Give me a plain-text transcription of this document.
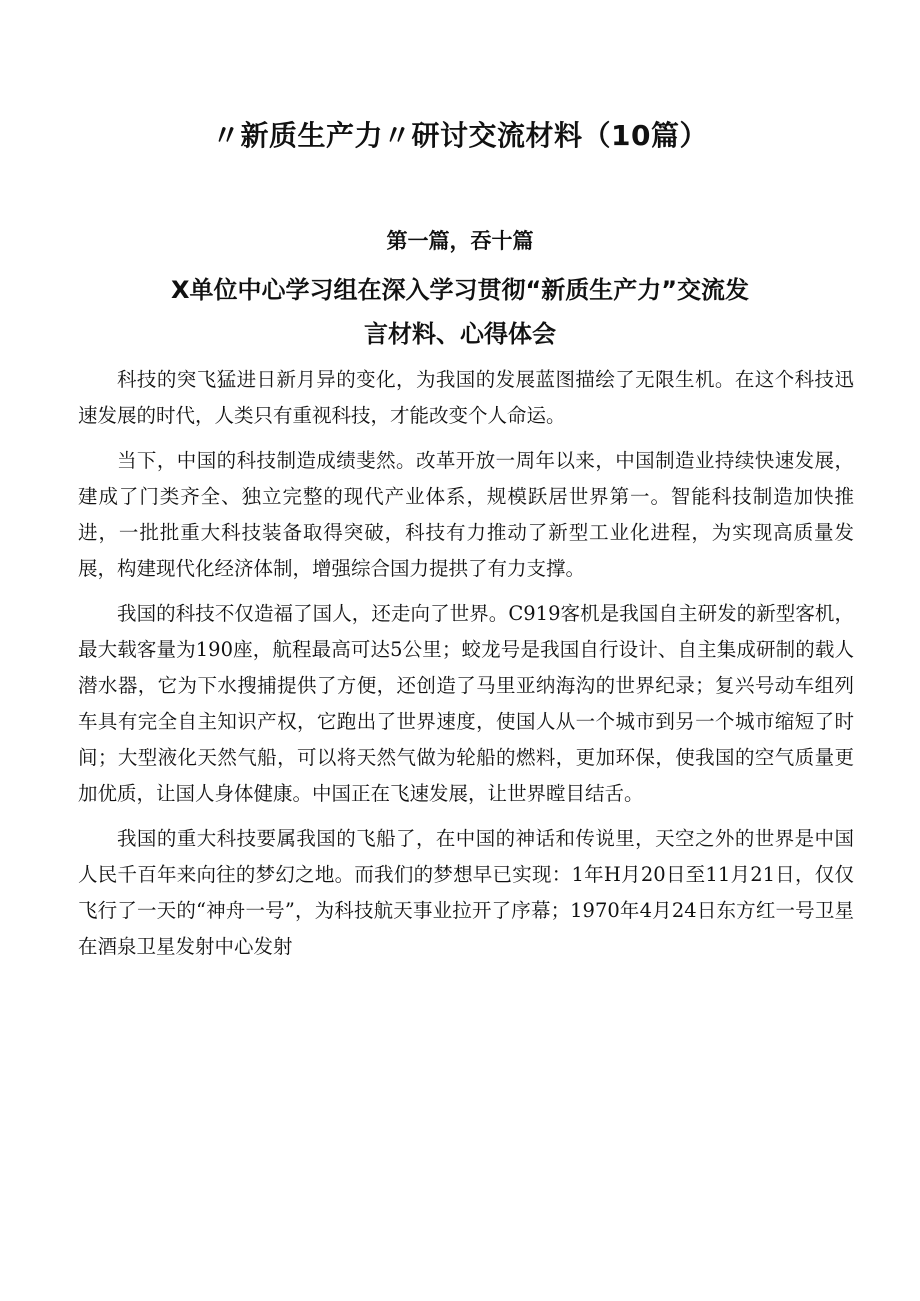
〃新质生产力〃研讨交流材料（10篇）
第一篇，吞十篇
X单位中心学习组在深入学习贯彻“新质生产力”交流发
言材料、心得体会

科技的突飞猛进日新月异的变化，为我国的发展蓝图描绘了无限生机。在这个科技迅速发展的时代，人类只有重视科技，才能改变个人命运。

当下，中国的科技制造成绩斐然。改革开放一周年以来，中国制造业持续快速发展，建成了门类齐全、独立完整的现代产业体系，规模跃居世界第一。智能科技制造加快推进，一批批重大科技装备取得突破，科技有力推动了新型工业化进程，为实现高质量发展，构建现代化经济体制，增强综合国力提拱了有力支撑。

我国的科技不仅造福了国人，还走向了世界。C919客机是我国自主研发的新型客机，最大载客量为190座，航程最高可达5公里；蛟龙号是我国自行设计、自主集成研制的载人潜水器，它为下水搜捕提供了方便，还创造了马里亚纳海沟的世界纪录；复兴号动车组列车具有完全自主知识产权，它跑出了世界速度，使国人从一个城市到另一个城市缩短了时间；大型液化天然气船，可以将天然气做为轮船的燃料，更加环保，使我国的空气质量更加优质，让国人身体健康。中国正在飞速发展，让世界瞠目结舌。

我国的重大科技要属我国的飞船了，在中国的神话和传说里，天空之外的世界是中国人民千百年来向往的梦幻之地。而我们的梦想早已实现：1年H月20日至11月21日，仅仅飞行了一天的“神舟一号”，为科技航天事业拉开了序幕；1970年4月24日东方红一号卫星在酒泉卫星发射中心发射
